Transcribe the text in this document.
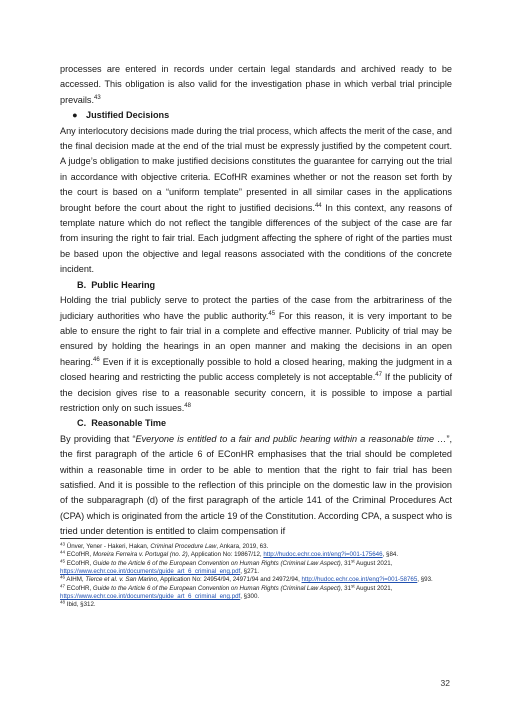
processes are entered in records under certain legal standards and archived ready to be accessed. This obligation is also valid for the investigation phase in which verbal trial principle prevails.$^{43}$

● Justified Decisions

Any interlocutory decisions made during the trial process, which affects the merit of the case, and the final decision made at the end of the trial must be expressly justified by the competent court. A judge’s obligation to make justified decisions constitutes the guarantee for carrying out the trial in accordance with objective criteria. ECofHR examines whether or not the reason set forth by the court is based on a “uniform template” presented in all similar cases in the applications brought before the court about the right to justified decisions.$^{44}$ In this context, any reasons of template nature which do not reflect the tangible differences of the subject of the case are far from insuring the right to fair trial. Each judgment affecting the sphere of right of the parties must be based upon the objective and legal reasons associated with the conditions of the concrete incident.

B. Public Hearing

Holding the trial publicly serve to protect the parties of the case from the arbitrariness of the judiciary authorities who have the public authority.$^{45}$ For this reason, it is very important to be able to ensure the right to fair trial in a complete and effective manner. Publicity of trial may be ensured by holding the hearings in an open manner and making the decisions in an open hearing.$^{46}$ Even if it is exceptionally possible to hold a closed hearing, making the judgment in a closed hearing and restricting the public access completely is not acceptable.$^{47}$ If the publicity of the decision gives rise to a reasonable security concern, it is possible to impose a partial restriction only on such issues.$^{48}$

C. Reasonable Time

By providing that “Everyone is entitled to a fair and public hearing within a reasonable time …”, the first paragraph of the article 6 of EConHR emphasises that the trial should be completed within a reasonable time in order to be able to mention that the right to fair trial has been satisfied. And it is possible to the reflection of this principle on the domestic law in the provision of the subparagraph (d) of the first paragraph of the article 141 of the Criminal Procedures Act (CPA) which is originated from the article 19 of the Constitution. According CPA, a suspect who is tried under detention is entitled to claim compensation if

$^{43}$ Ünver, Yener - Hakeri, Hakan, Criminal Procedure Law, Ankara, 2019, 63.

$^{44}$ ECofHR, Moreira Ferreira v. Portugal (no. 2), Application No: 19867/12, http://hudoc.echr.coe.int/eng?i=001-175646, §84.

$^{45}$ ECofHR, Guide to the Article 6 of the European Convention on Human Rights (Criminal Law Aspect), 31st August 2021, https://www.echr.coe.int/documents/guide_art_6_criminal_eng.pdf, §271.

$^{46}$ AIHM, Tierce et al. v. San Marino, Application No: 24954/94, 24971/94 and 24972/94, http://hudoc.echr.coe.int/eng?i=001-58765, §93.

$^{47}$ ECofHR, Guide to the Article 6 of the European Convention on Human Rights (Criminal Law Aspect), 31st August 2021, https://www.echr.coe.int/documents/guide_art_6_criminal_eng.pdf, §300.

$^{48}$ Ibid, §312.

32
